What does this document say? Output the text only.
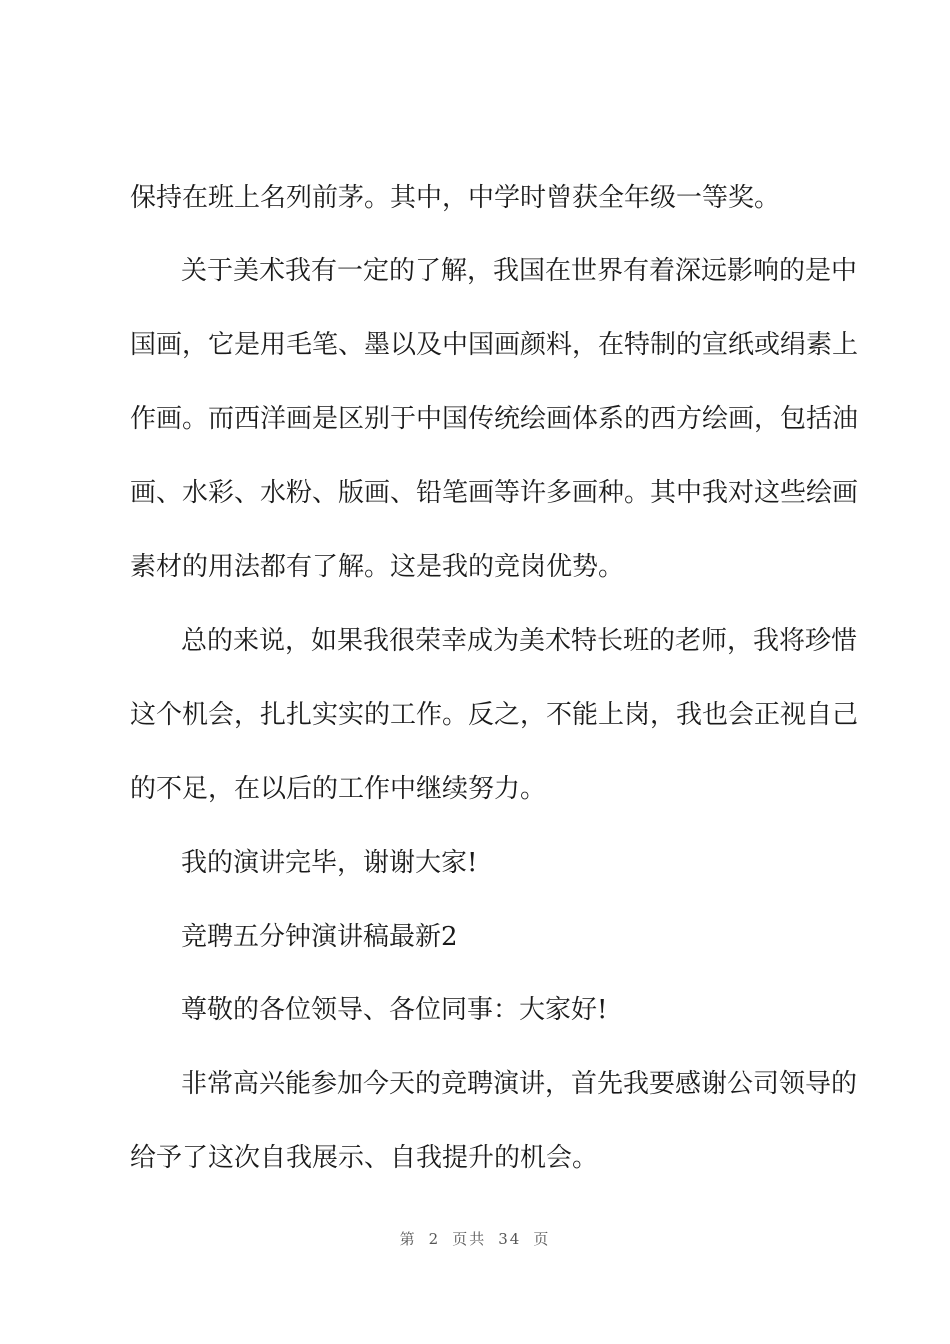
保持在班上名列前茅。其中，中学时曾获全年级一等奖。
关于美术我有一定的了解，我国在世界有着深远影响的是中
国画，它是用毛笔、墨以及中国画颜料，在特制的宣纸或绢素上
作画。而西洋画是区别于中国传统绘画体系的西方绘画，包括油
画、水彩、水粉、版画、铅笔画等许多画种。其中我对这些绘画
素材的用法都有了解。这是我的竞岗优势。
总的来说，如果我很荣幸成为美术特长班的老师，我将珍惜
这个机会，扎扎实实的工作。反之，不能上岗，我也会正视自己
的不足，在以后的工作中继续努力。
我的演讲完毕，谢谢大家!
竞聘五分钟演讲稿最新2
尊敬的各位领导、各位同事：大家好!
非常高兴能参加今天的竞聘演讲，首先我要感谢公司领导的
给予了这次自我展示、自我提升的机会。
第 2 页共 34 页
